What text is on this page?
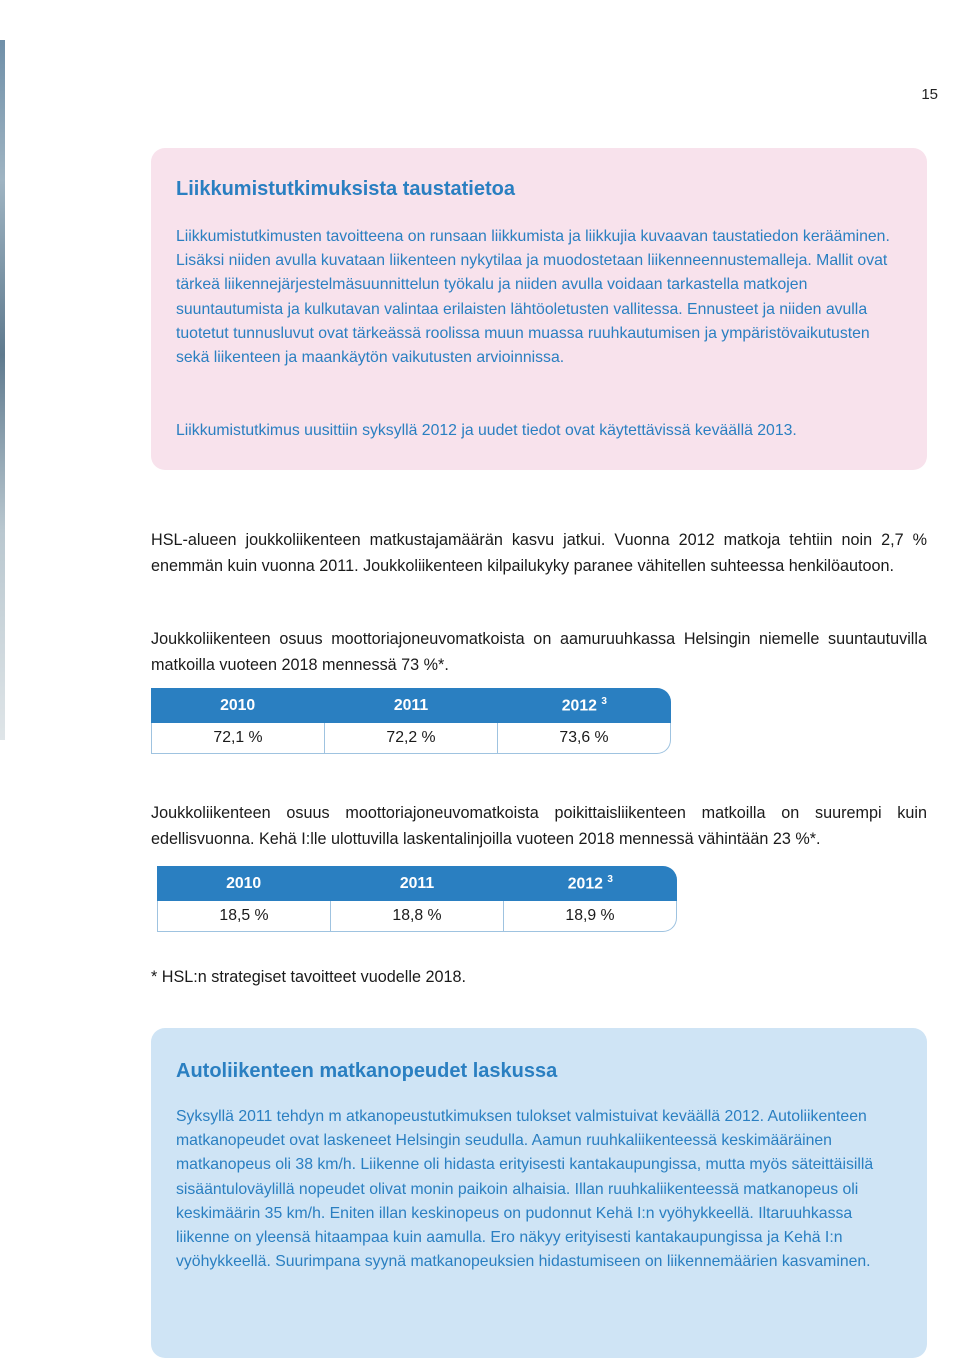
15
Liikkumistutkimuksista taustatietoa

Liikkumistutkimusten tavoitteena on runsaan liikkumista ja liikkujia kuvaavan taustatiedon kerääminen. Lisäksi niiden avulla kuvataan liikenteen nykytilaa ja muodostetaan liikenneennustemalleja. Mallit ovat tärkeä liikennejärjestelmäsuunnittelun työkalu ja niiden avulla voidaan tarkastella matkojen suuntautumista ja kulkutavan valintaa erilaisten lähtöoletusten vallitessa. Ennusteet ja niiden avulla tuotetut tunnusluvut ovat tärkeässä roolissa muun muassa ruuhkautumisen ja ympäristövaikutusten sekä liikenteen ja maankäytön vaikutusten arvioinnissa.

Liikkumistutkimus uusittiin syksyllä 2012 ja uudet tiedot ovat käytettävissä keväällä 2013.

HSL-alueen joukkoliikenteen matkustajamäärän kasvu jatkui. Vuonna 2012 matkoja tehtiin noin 2,7 % enemmän kuin vuonna 2011. Joukkoliikenteen kilpailukyky paranee vähitellen suhteessa henkilöautoon.

Joukkoliikenteen osuus moottoriajoneuvomatkoista on aamuruuhkassa Helsingin niemelle suuntautuvilla matkoilla vuoteen 2018 mennessä 73 %*.

2010	2011	2012 $^3$
72,1 %	72,2 %	73,6 %

Joukkoliikenteen osuus moottoriajoneuvomatkoista poikittaisliikenteen matkoilla on suurempi kuin edellisvuonna. Kehä I:lle ulottuvilla laskentalinjoilla vuoteen 2018 mennessä vähintään 23 %*.

2010	2011	2012 $^3$
18,5 %	18,8 %	18,9 %

* HSL:n strategiset tavoitteet vuodelle 2018.

Autoliikenteen matkanopeudet laskussa

Syksyllä 2011 tehdyn m atkanopeustutkimuksen tulokset valmistuivat keväällä 2012. Autoliikenteen matkanopeudet ovat laskeneet Helsingin seudulla. Aamun ruuhkaliikenteessä keskimääräinen matkanopeus oli 38 km/h. Liikenne oli hidasta erityisesti kantakaupungissa, mutta myös säteittäisillä sisääntuloväylillä nopeudet olivat monin paikoin alhaisia. Illan ruuhkaliikenteessä matkanopeus oli keskimäärin 35 km/h. Eniten illan keskinopeus on pudonnut Kehä I:n vyöhykkeellä. Iltaruuhkassa liikenne on yleensä hitaampaa kuin aamulla. Ero näkyy erityisesti kantakaupungissa ja Kehä I:n vyöhykkeellä. Suurimpana syynä matkanopeuksien hidastumiseen on liikennemäärien kasvaminen.
